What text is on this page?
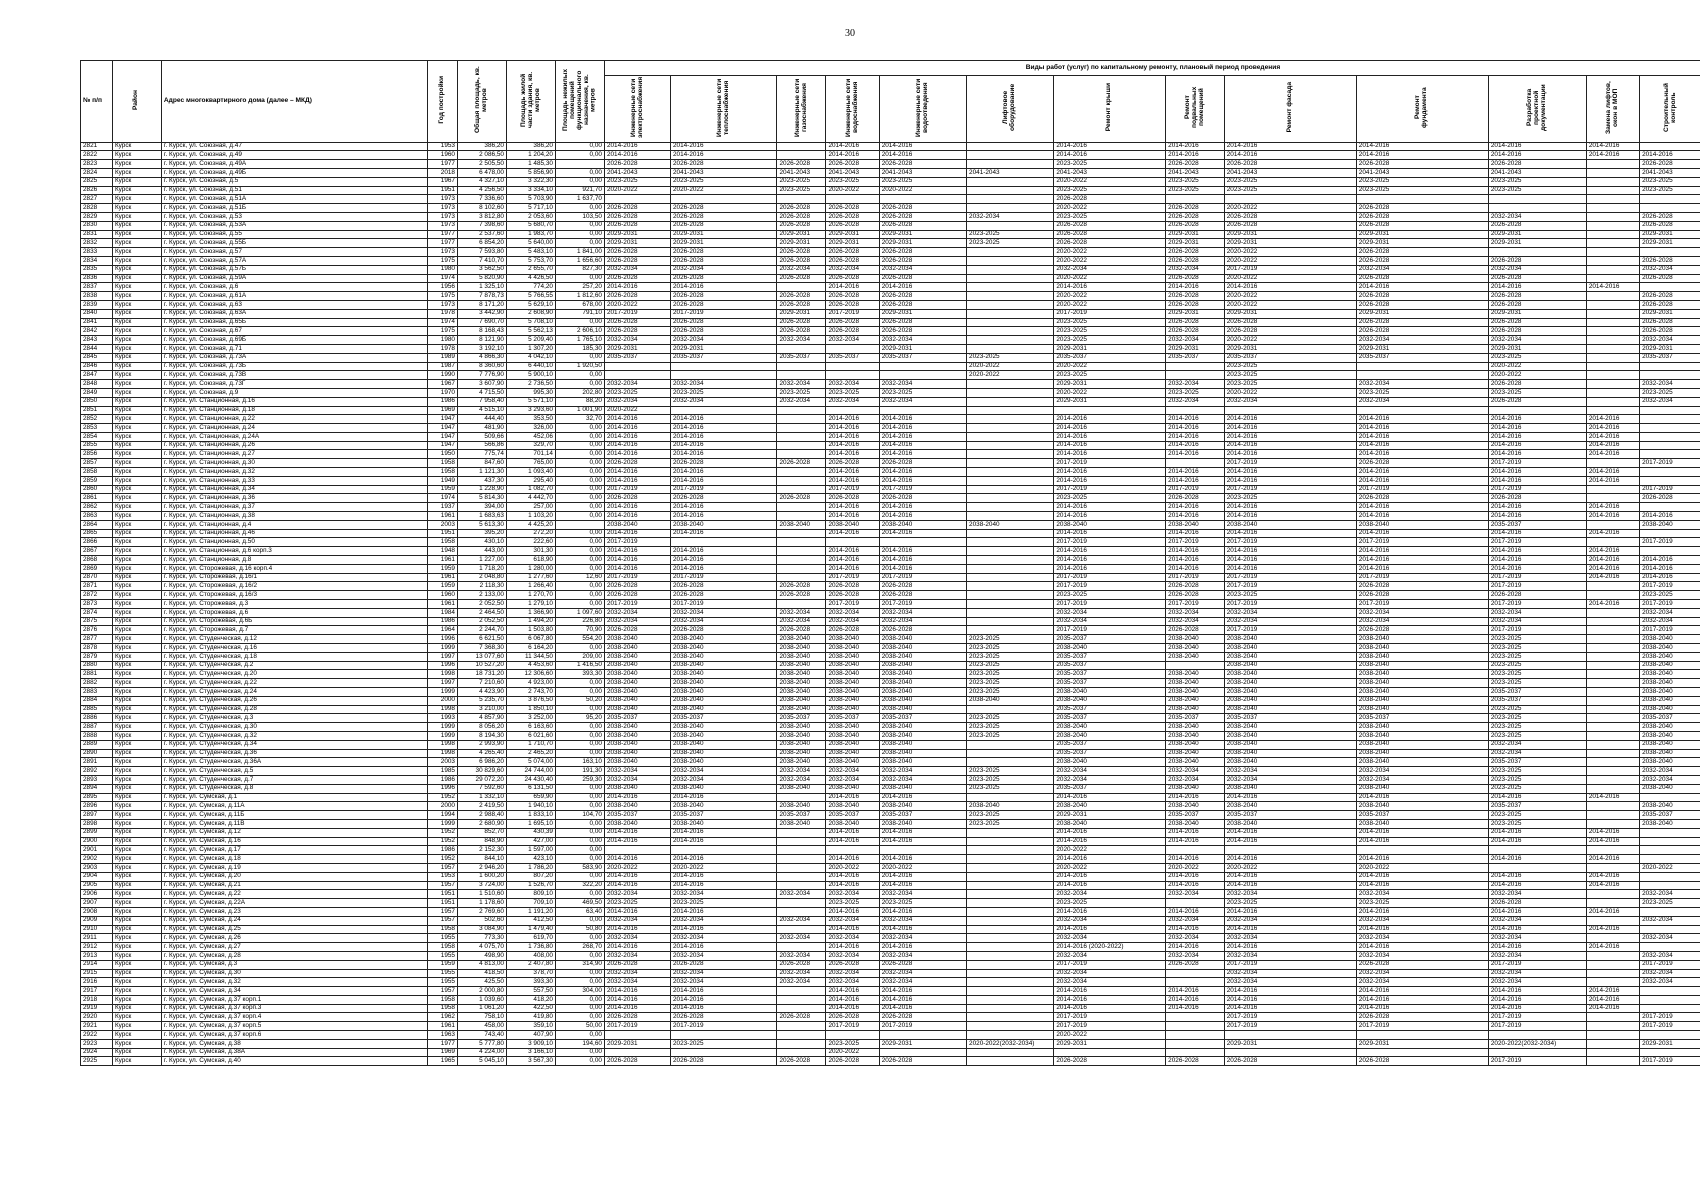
30
№ п/п	Район	Адрес многоквартирного дома (далее – МКД)	Год постройки	Общая площадь, кв. метров	Площадь жилой части здания, кв. метров	Площадь нежилых помещений функционального назначения, кв. метров	Виды работ (услуг) по капитальному ремонту, плановый период проведения												
							Инженерные сети электроснабжения	Инженерные сети теплоснабжения	Инженерные сети газоснабжения	Инженерные сети водоснабжения	Инженерные сети водоотведения	Лифтовое оборудование	Ремонт крыши	Ремонт подвальных помещений	Ремонт фасада	Ремонт фундамента	Разработка проектной документации	Замена лифтов, окон в МОП	Строительный контроль
2821	Курск	г. Курск, ул. Союзная, д.47	1953	386,20	386,20	0,00	2014-2016	2014-2016		2014-2016	2014-2016		2014-2016	2014-2016	2014-2016	2014-2016	2014-2016	2014-2016	
2822	Курск	г. Курск, ул. Союзная, д.49	1960	2 086,50	1 204,20	0,00	2014-2016	2014-2016		2014-2016	2014-2016		2014-2016	2014-2016	2014-2016	2014-2016	2014-2016	2014-2016	2014-2016
2823	Курск	г. Курск, ул. Союзная, д.49А	1977	2 505,50	1 485,30		2026-2028	2026-2028	2026-2028	2026-2028	2026-2028		2023-2025	2026-2028	2026-2028	2026-2028	2026-2028		2026-2028
2824	Курск	г. Курск, ул. Союзная, д.49Б	2018	6 478,00	5 856,90	0,00	2041-2043	2041-2043	2041-2043	2041-2043	2041-2043	2041-2043	2041-2043	2041-2043	2041-2043	2041-2043	2041-2043		2041-2043
2825	Курск	г. Курск, ул. Союзная, д.5	1967	4 327,10	3 322,30	0,00	2023-2025	2023-2025	2023-2025	2023-2025	2023-2025		2020-2022	2023-2025	2023-2025	2023-2025	2023-2025		2023-2025
2826	Курск	г. Курск, ул. Союзная, д.51	1951	4 256,50	3 334,10	921,70	2020-2022	2020-2022	2023-2025	2020-2022	2020-2022		2023-2025	2023-2025	2023-2025	2023-2025	2023-2025		2023-2025
2827	Курск	г. Курск, ул. Союзная, д.51А	1973	7 336,60	5 703,90	1 637,70							2026-2028						
2828	Курск	г. Курск, ул. Союзная, д.51Б	1973	8 102,60	5 717,10	0,00	2026-2028	2026-2028	2026-2028	2026-2028	2026-2028		2020-2022	2026-2028	2020-2022	2026-2028			
2829	Курск	г. Курск, ул. Союзная, д.53	1973	3 812,80	2 053,60	103,50	2026-2028	2026-2028	2026-2028	2026-2028	2026-2028	2032-2034	2023-2025	2026-2028	2026-2028	2026-2028	2032-2034		2026-2028
2830	Курск	г. Курск, ул. Союзная, д.53А	1973	7 398,60	5 680,70	0,00	2026-2028	2026-2028	2026-2028	2026-2028	2026-2028		2026-2028	2026-2028	2026-2028	2026-2028	2026-2028		2026-2028
2831	Курск	г. Курск, ул. Союзная, д.55	1977	2 537,60	1 983,70	0,00	2029-2031	2029-2031	2029-2031	2029-2031	2029-2031	2023-2025	2026-2028	2029-2031	2029-2031	2029-2031	2029-2031		2029-2031
2832	Курск	г. Курск, ул. Союзная, д.55Б	1977	6 854,20	5 640,00	0,00	2029-2031	2029-2031	2029-2031	2029-2031	2029-2031	2023-2025	2026-2028	2029-2031	2029-2031	2029-2031	2029-2031		2029-2031
2833	Курск	г. Курск, ул. Союзная, д.57	1973	7 593,80	5 483,10	1 841,00	2026-2028	2026-2028	2026-2028	2026-2028	2026-2028		2020-2022	2026-2028	2020-2022	2026-2028			
2834	Курск	г. Курск, ул. Союзная, д.57А	1975	7 410,70	5 753,70	1 656,60	2026-2028	2026-2028	2026-2028	2026-2028	2026-2028		2020-2022	2026-2028	2020-2022	2026-2028	2026-2028		2026-2028
2835	Курск	г. Курск, ул. Союзная, д.57Б	1980	3 562,50	2 655,70	827,30	2032-2034	2032-2034	2032-2034	2032-2034	2032-2034		2032-2034	2032-2034	2017-2019	2032-2034	2032-2034		2032-2034
2836	Курск	г. Курск, ул. Союзная, д.59А	1974	5 820,90	4 426,50	0,00	2026-2028	2026-2028	2026-2028	2026-2028	2026-2028		2020-2022	2026-2028	2020-2022	2026-2028	2026-2028		2026-2028
2837	Курск	г. Курск, ул. Союзная, д.6	1956	1 325,10	774,20	257,20	2014-2016	2014-2016		2014-2016	2014-2016		2014-2016	2014-2016	2014-2016	2014-2016	2014-2016	2014-2016	
2838	Курск	г. Курск, ул. Союзная, д.61А	1975	7 878,73	5 766,55	1 812,60	2026-2028	2026-2028	2026-2028	2026-2028	2026-2028		2020-2022	2026-2028	2020-2022	2026-2028	2026-2028		2026-2028
2839	Курск	г. Курск, ул. Союзная, д.63	1973	8 171,20	5 629,10	678,00	2020-2022	2026-2028	2026-2028	2026-2028	2026-2028		2020-2022	2026-2028	2020-2022	2026-2028	2026-2028		2026-2028
2840	Курск	г. Курск, ул. Союзная, д.63А	1978	3 442,90	2 608,90	791,10	2017-2019	2017-2019	2029-2031	2017-2019	2029-2031		2017-2019	2029-2031	2029-2031	2029-2031	2029-2031		2029-2031
2841	Курск	г. Курск, ул. Союзная, д.65Б	1974	7 690,70	5 708,10	0,00	2026-2028	2026-2028	2026-2028	2026-2028	2026-2028		2023-2025	2026-2028	2026-2028	2026-2028	2026-2028		2026-2028
2842	Курск	г. Курск, ул. Союзная, д.67	1975	8 168,43	5 562,13	2 606,10	2026-2028	2026-2028	2026-2028	2026-2028	2026-2028		2023-2025	2026-2028	2026-2028	2026-2028	2026-2028		2026-2028
2843	Курск	г. Курск, ул. Союзная, д.69Б	1980	8 121,90	5 209,40	1 765,10	2032-2034	2032-2034	2032-2034	2032-2034	2032-2034		2023-2025	2032-2034	2020-2022	2032-2034	2032-2034		2032-2034
2844	Курск	г. Курск, ул. Союзная, д.71	1978	3 192,10	1 307,20	185,30	2029-2031	2029-2031			2029-2031		2029-2031	2029-2031	2029-2031	2029-2031	2029-2031		2029-2031
2845	Курск	г. Курск, ул. Союзная, д.73А	1989	4 866,30	4 042,10	0,00	2035-2037	2035-2037	2035-2037	2035-2037	2035-2037	2023-2025	2035-2037	2035-2037	2035-2037	2035-2037	2023-2025		2035-2037
2846	Курск	г. Курск, ул. Союзная, д.73Б	1987	8 360,60	6 440,10	1 920,50						2020-2022	2020-2022		2023-2025		2020-2022		
2847	Курск	г. Курск, ул. Союзная, д.73В	1990	7 776,90	5 900,10	0,00						2020-2022	2023-2025		2023-2025		2020-2022		
2848	Курск	г. Курск, ул. Союзная, д.73Г	1967	3 607,90	2 736,50	0,00	2032-2034	2032-2034	2032-2034	2032-2034	2032-2034		2029-2031	2032-2034	2023-2025	2032-2034	2026-2028		2032-2034
2849	Курск	г. Курск, ул. Союзная, д.9	1970	4 715,50	995,30	202,80	2023-2025	2023-2025	2023-2025	2023-2025	2023-2025		2020-2022	2023-2025	2020-2022	2023-2025	2023-2025		2023-2025
2850	Курск	г. Курск, ул. Станционная, д.16	1986	7 958,40	5 571,10	88,20	2032-2034	2032-2034	2032-2034	2032-2034	2032-2034		2029-2031	2032-2034	2032-2034	2032-2034	2026-2028		2032-2034
2851	Курск	г. Курск, ул. Станционная, д.18	1969	4 515,10	3 293,60	1 001,90	2020-2022												
2852	Курск	г. Курск, ул. Станционная, д.22	1947	444,40	353,50	32,70	2014-2016	2014-2016		2014-2016	2014-2016		2014-2016	2014-2016	2014-2016	2014-2016	2014-2016	2014-2016	
2853	Курск	г. Курск, ул. Станционная, д.24	1947	481,90	326,00	0,00	2014-2016	2014-2016		2014-2016	2014-2016		2014-2016	2014-2016	2014-2016	2014-2016	2014-2016	2014-2016	
2854	Курск	г. Курск, ул. Станционная, д.24А	1947	509,66	452,06	0,00	2014-2016	2014-2016		2014-2016	2014-2016		2014-2016	2014-2016	2014-2016	2014-2016	2014-2016	2014-2016	
2855	Курск	г. Курск, ул. Станционная, д.26	1947	566,86	329,70	0,00	2014-2016	2014-2016		2014-2016	2014-2016		2014-2016	2014-2016	2014-2016	2014-2016	2014-2016	2014-2016	
2856	Курск	г. Курск, ул. Станционная, д.27	1950	775,74	701,14	0,00	2014-2016	2014-2016		2014-2016	2014-2016		2014-2016	2014-2016	2014-2016	2014-2016	2014-2016	2014-2016	
2857	Курск	г. Курск, ул. Станционная, д.30	1958	847,60	765,00	0,00	2026-2028	2026-2028	2026-2028	2026-2028	2026-2028		2017-2019		2017-2019	2026-2028	2017-2019		2017-2019
2858	Курск	г. Курск, ул. Станционная, д.32	1958	1 121,30	1 093,40	0,00	2014-2016	2014-2016		2014-2016	2014-2016		2014-2016	2014-2016	2014-2016	2014-2016	2014-2016	2014-2016	
2859	Курск	г. Курск, ул. Станционная, д.33	1949	437,30	295,40	0,00	2014-2016	2014-2016		2014-2016	2014-2016		2014-2016	2014-2016	2014-2016	2014-2016	2014-2016	2014-2016	
2860	Курск	г. Курск, ул. Станционная, д.34	1959	1 228,90	1 082,70	0,00	2017-2019	2017-2019		2017-2019	2017-2019		2017-2019	2017-2019	2017-2019	2017-2019	2017-2019		2017-2019
2861	Курск	г. Курск, ул. Станционная, д.36	1974	5 814,30	4 442,70	0,00	2026-2028	2026-2028	2026-2028	2026-2028	2026-2028		2023-2025	2026-2028	2023-2025	2026-2028	2026-2028		2026-2028
2862	Курск	г. Курск, ул. Станционная, д.37	1937	394,00	257,00	0,00	2014-2016	2014-2016		2014-2016	2014-2016		2014-2016	2014-2016	2014-2016	2014-2016	2014-2016	2014-2016	
2863	Курск	г. Курск, ул. Станционная, д.38	1961	1 683,63	1 103,20	0,00	2014-2016	2014-2016		2014-2016	2014-2016		2014-2016	2014-2016	2014-2016	2014-2016	2014-2016	2014-2016	2014-2016
2864	Курск	г. Курск, ул. Станционная, д.4	2003	5 613,30	4 425,20		2038-2040	2038-2040	2038-2040	2038-2040	2038-2040	2038-2040	2038-2040	2038-2040	2038-2040	2038-2040	2035-2037		2038-2040
2865	Курск	г. Курск, ул. Станционная, д.46	1951	395,20	272,20	0,00	2014-2016	2014-2016		2014-2016	2014-2016		2014-2016	2014-2016	2014-2016	2014-2016	2014-2016	2014-2016	
2866	Курск	г. Курск, ул. Станционная, д.50	1958	430,10	222,60	0,00	2017-2019						2017-2019	2017-2019	2017-2019	2017-2019	2017-2019		2017-2019
2867	Курск	г. Курск, ул. Станционная, д.6 корп.3	1948	443,00	301,30	0,00	2014-2016	2014-2016		2014-2016	2014-2016		2014-2016	2014-2016	2014-2016	2014-2016	2014-2016	2014-2016	
2868	Курск	г. Курск, ул. Станционная, д.8	1961	1 227,00	618,90	0,00	2014-2016	2014-2016		2014-2016	2014-2016		2014-2016	2014-2016	2014-2016	2014-2016	2014-2016	2014-2016	2014-2016
2869	Курск	г. Курск, ул. Сторожевая, д.16 корп.4	1959	1 718,20	1 280,00	0,00	2014-2016	2014-2016		2014-2016	2014-2016		2014-2016	2014-2016	2014-2016	2014-2016	2014-2016	2014-2016	2014-2016
2870	Курск	г. Курск, ул. Сторожевая, д.16/1	1961	2 048,80	1 277,60	12,60	2017-2019	2017-2019		2017-2019	2017-2019		2017-2019	2017-2019	2017-2019	2017-2019	2017-2019	2014-2016	2014-2016
2871	Курск	г. Курск, ул. Сторожевая, д.16/2	1959	2 118,30	1 266,40	0,00	2026-2028	2026-2028	2026-2028	2026-2028	2026-2028		2017-2019	2026-2028	2017-2019	2026-2028	2017-2019		2017-2019
2872	Курск	г. Курск, ул. Сторожевая, д.16/3	1960	2 133,00	1 270,70	0,00	2026-2028	2026-2028	2026-2028	2026-2028	2026-2028		2023-2025	2026-2028	2023-2025	2026-2028	2026-2028		2023-2025
2873	Курск	г. Курск, ул. Сторожевая, д.3	1961	2 052,50	1 279,10	0,00	2017-2019	2017-2019		2017-2019	2017-2019		2017-2019	2017-2019	2017-2019	2017-2019	2017-2019	2014-2016	2017-2019
2874	Курск	г. Курск, ул. Сторожевая, д.6	1984	2 464,50	1 366,90	1 097,60	2032-2034	2032-2034	2032-2034	2032-2034	2032-2034		2032-2034	2032-2034	2032-2034	2032-2034	2032-2034		2032-2034
2875	Курск	г. Курск, ул. Сторожевая, д.6Б	1986	2 052,50	1 494,20	226,80	2032-2034	2032-2034	2032-2034	2032-2034	2032-2034		2032-2034	2032-2034	2032-2034	2032-2034	2032-2034		2032-2034
2876	Курск	г. Курск, ул. Сторожевая, д.7	1964	2 244,70	1 503,80	70,90	2026-2028	2026-2028	2026-2028	2026-2028	2026-2028		2017-2019	2026-2028	2017-2019	2026-2028	2017-2019		2017-2019
2877	Курск	г. Курск, ул. Студенческая, д.12	1996	6 621,50	6 067,80	554,20	2038-2040	2038-2040	2038-2040	2038-2040	2038-2040	2023-2025	2035-2037	2038-2040	2038-2040	2038-2040	2023-2025		2038-2040
2878	Курск	г. Курск, ул. Студенческая, д.16	1999	7 368,30	6 164,20	0,00	2038-2040	2038-2040	2038-2040	2038-2040	2038-2040	2023-2025	2038-2040	2038-2040	2038-2040	2038-2040	2023-2025		2038-2040
2879	Курск	г. Курск, ул. Студенческая, д.18	1997	13 077,60	11 344,50	209,00	2038-2040	2038-2040	2038-2040	2038-2040	2038-2040	2023-2025	2035-2037	2038-2040	2038-2040	2038-2040	2023-2025		2038-2040
2880	Курск	г. Курск, ул. Студенческая, д.2	1996	10 527,20	4 453,60	1 416,50	2038-2040	2038-2040	2038-2040	2038-2040	2038-2040	2023-2025	2035-2037		2038-2040	2038-2040	2023-2025		2038-2040
2881	Курск	г. Курск, ул. Студенческая, д.20	1998	18 731,20	12 306,60	393,30	2038-2040	2038-2040	2038-2040	2038-2040	2038-2040	2023-2025	2035-2037	2038-2040	2038-2040	2038-2040	2023-2025		2038-2040
2882	Курск	г. Курск, ул. Студенческая, д.22	1997	7 210,60	4 923,00	0,00	2038-2040	2038-2040	2038-2040	2038-2040	2038-2040	2023-2025	2035-2037	2038-2040	2038-2040	2038-2040	2023-2025		2038-2040
2883	Курск	г. Курск, ул. Студенческая, д.24	1999	4 423,90	2 743,70	0,00	2038-2040	2038-2040	2038-2040	2038-2040	2038-2040	2023-2025	2038-2040	2038-2040	2038-2040	2038-2040	2035-2037		2038-2040
2884	Курск	г. Курск, ул. Студенческая, д.26	2000	5 235,70	3 876,50	50,20	2038-2040	2038-2040	2038-2040	2038-2040	2038-2040	2038-2040	2038-2040	2038-2040	2038-2040	2038-2040	2035-2037		2038-2040
2885	Курск	г. Курск, ул. Студенческая, д.28	1998	3 210,00	1 850,10	0,00	2038-2040	2038-2040	2038-2040	2038-2040	2038-2040		2035-2037	2038-2040	2038-2040	2038-2040	2023-2025		2038-2040
2886	Курск	г. Курск, ул. Студенческая, д.3	1993	4 857,90	3 252,00	95,20	2035-2037	2035-2037	2035-2037	2035-2037	2035-2037	2023-2025	2035-2037	2035-2037	2035-2037	2035-2037	2023-2025		2035-2037
2887	Курск	г. Курск, ул. Студенческая, д.30	1999	8 056,20	6 163,60	0,00	2038-2040	2038-2040	2038-2040	2038-2040	2038-2040	2023-2025	2038-2040	2038-2040	2038-2040	2038-2040	2023-2025		2038-2040
2888	Курск	г. Курск, ул. Студенческая, д.32	1999	8 194,30	6 021,60	0,00	2038-2040	2038-2040	2038-2040	2038-2040	2038-2040	2023-2025	2038-2040	2038-2040	2038-2040	2038-2040	2023-2025		2038-2040
2889	Курск	г. Курск, ул. Студенческая, д.34	1998	2 993,90	1 710,70	0,00	2038-2040	2038-2040	2038-2040	2038-2040	2038-2040		2035-2037	2038-2040	2038-2040	2038-2040	2032-2034		2038-2040
2890	Курск	г. Курск, ул. Студенческая, д.36	1998	4 265,40	2 465,20	0,00	2038-2040	2038-2040	2038-2040	2038-2040	2038-2040		2035-2037	2038-2040	2038-2040	2038-2040	2032-2034		2038-2040
2891	Курск	г. Курск, ул. Студенческая, д.36А	2003	6 986,20	5 074,00	163,10	2038-2040	2038-2040	2038-2040	2038-2040	2038-2040		2038-2040	2038-2040	2038-2040	2038-2040	2035-2037		2038-2040
2892	Курск	г. Курск, ул. Студенческая, д.5	1985	30 829,60	24 744,00	191,30	2032-2034	2032-2034	2032-2034	2032-2034	2032-2034	2023-2025	2032-2034	2032-2034	2032-2034	2032-2034	2023-2025		2032-2034
2893	Курск	г. Курск, ул. Студенческая, д.7	1986	29 072,20	24 430,40	259,30	2032-2034	2032-2034	2032-2034	2032-2034	2032-2034	2023-2025	2032-2034	2032-2034	2032-2034	2032-2034	2023-2025		2032-2034
2894	Курск	г. Курск, ул. Студенческая, д.8	1996	7 592,60	6 131,50	0,00	2038-2040	2038-2040	2038-2040	2038-2040	2038-2040	2023-2025	2035-2037	2038-2040	2038-2040	2038-2040	2023-2025		2038-2040
2895	Курск	г. Курск, ул. Сумская, д.1	1952	1 332,10	659,90	0,00	2014-2016	2014-2016		2014-2016	2014-2016		2014-2016	2014-2016	2014-2016	2014-2016	2014-2016	2014-2016	
2896	Курск	г. Курск, ул. Сумская, д.11А	2000	2 419,50	1 940,10	0,00	2038-2040	2038-2040	2038-2040	2038-2040	2038-2040	2038-2040	2038-2040	2038-2040	2038-2040	2038-2040	2035-2037		2038-2040
2897	Курск	г. Курск, ул. Сумская, д.11Б	1994	2 988,40	1 833,10	104,70	2035-2037	2035-2037	2035-2037	2035-2037	2035-2037	2023-2025	2029-2031	2035-2037	2035-2037	2035-2037	2023-2025		2035-2037
2898	Курск	г. Курск, ул. Сумская, д.11В	1999	2 680,90	1 695,10	0,00	2038-2040	2038-2040	2038-2040	2038-2040	2038-2040	2023-2025	2038-2040	2038-2040	2038-2040	2038-2040	2023-2025		2038-2040
2899	Курск	г. Курск, ул. Сумская, д.12	1952	852,70	430,39	0,00	2014-2016	2014-2016		2014-2016	2014-2016		2014-2016	2014-2016	2014-2016	2014-2016	2014-2016	2014-2016	
2900	Курск	г. Курск, ул. Сумская, д.16	1952	848,90	427,00	0,00	2014-2016	2014-2016		2014-2016	2014-2016		2014-2016	2014-2016	2014-2016	2014-2016	2014-2016	2014-2016	
2901	Курск	г. Курск, ул. Сумская, д.17	1986	2 152,30	1 597,00	0,00							2020-2022						
2902	Курск	г. Курск, ул. Сумская, д.18	1952	844,10	423,10	0,00	2014-2016	2014-2016		2014-2016	2014-2016		2014-2016	2014-2016	2014-2016	2014-2016	2014-2016	2014-2016	
2903	Курск	г. Курск, ул. Сумская, д.19	1957	2 946,20	1 786,20	583,90	2020-2022	2020-2022		2020-2022	2020-2022		2020-2022	2020-2022	2020-2022	2020-2022			2020-2022
2904	Курск	г. Курск, ул. Сумская, д.20	1953	1 600,20	807,20	0,00	2014-2016	2014-2016		2014-2016	2014-2016		2014-2016	2014-2016	2014-2016	2014-2016	2014-2016	2014-2016	
2905	Курск	г. Курск, ул. Сумская, д.21	1957	3 724,00	1 526,70	322,20	2014-2016	2014-2016		2014-2016	2014-2016		2014-2016	2014-2016	2014-2016	2014-2016	2014-2016	2014-2016	
2906	Курск	г. Курск, ул. Сумская, д.22	1951	1 510,60	809,10	0,00	2032-2034	2032-2034	2032-2034	2032-2034	2032-2034		2032-2034	2032-2034	2032-2034	2032-2034	2032-2034		2032-2034
2907	Курск	г. Курск, ул. Сумская, д.22А	1951	1 178,60	709,10	469,50	2023-2025	2023-2025		2023-2025	2023-2025		2023-2025		2023-2025	2023-2025	2026-2028		2023-2025
2908	Курск	г. Курск, ул. Сумская, д.23	1957	2 769,60	1 191,20	63,40	2014-2016	2014-2016		2014-2016	2014-2016		2014-2016	2014-2016	2014-2016	2014-2016	2014-2016	2014-2016	
2909	Курск	г. Курск, ул. Сумская, д.24	1957	502,60	412,50	0,00	2032-2034	2032-2034	2032-2034	2032-2034	2032-2034		2032-2034	2032-2034	2032-2034	2032-2034	2032-2034		2032-2034
2910	Курск	г. Курск, ул. Сумская, д.25	1958	3 084,90	1 479,40	50,80	2014-2016	2014-2016		2014-2016	2014-2016		2014-2016	2014-2016	2014-2016	2014-2016	2014-2016	2014-2016	
2911	Курск	г. Курск, ул. Сумская, д.26	1955	773,30	619,70	0,00	2032-2034	2032-2034	2032-2034	2032-2034	2032-2034		2032-2034	2032-2034	2032-2034	2032-2034	2032-2034		2032-2034
2912	Курск	г. Курск, ул. Сумская, д.27	1958	4 075,70	1 736,80	268,70	2014-2016	2014-2016		2014-2016	2014-2016		2014-2016 (2020-2022)	2014-2016	2014-2016	2014-2016	2014-2016	2014-2016	
2913	Курск	г. Курск, ул. Сумская, д.28	1955	498,90	408,00	0,00	2032-2034	2032-2034	2032-2034	2032-2034	2032-2034		2032-2034	2032-2034	2032-2034	2032-2034	2032-2034		2032-2034
2914	Курск	г. Курск, ул. Сумская, д.3	1959	4 813,00	2 407,80	314,90	2026-2028	2026-2028	2026-2028	2026-2028	2026-2028		2017-2019	2026-2028	2017-2019	2026-2028	2017-2019		2017-2019
2915	Курск	г. Курск, ул. Сумская, д.30	1955	418,50	378,70	0,00	2032-2034	2032-2034	2032-2034	2032-2034	2032-2034		2032-2034		2032-2034	2032-2034	2032-2034		2032-2034
2916	Курск	г. Курск, ул. Сумская, д.32	1955	425,50	393,30	0,00	2032-2034	2032-2034	2032-2034	2032-2034	2032-2034		2032-2034		2032-2034	2032-2034	2032-2034		2032-2034
2917	Курск	г. Курск, ул. Сумская, д.34	1957	2 000,80	557,50	304,00	2014-2016	2014-2016		2014-2016	2014-2016		2014-2016	2014-2016	2014-2016	2014-2016	2014-2016	2014-2016	
2918	Курск	г. Курск, ул. Сумская, д.37 корп.1	1958	1 039,60	418,20	0,00	2014-2016	2014-2016		2014-2016	2014-2016		2014-2016	2014-2016	2014-2016	2014-2016	2014-2016	2014-2016	
2919	Курск	г. Курск, ул. Сумская, д.37 корп.3	1958	1 061,20	422,50	0,00	2014-2016	2014-2016		2014-2016	2014-2016		2014-2016	2014-2016	2014-2016	2014-2016	2014-2016	2014-2016	
2920	Курск	г. Курск, ул. Сумская, д.37 корп.4	1962	758,10	419,80	0,00	2026-2028	2026-2028	2026-2028	2026-2028	2026-2028		2017-2019		2017-2019	2026-2028	2017-2019		2017-2019
2921	Курск	г. Курск, ул. Сумская, д.37 корп.5	1961	458,00	359,10	50,00	2017-2019	2017-2019		2017-2019	2017-2019		2017-2019		2017-2019	2017-2019	2017-2019		2017-2019
2922	Курск	г. Курск, ул. Сумская, д.37 корп.6	1963	743,40	407,90	0,00							2020-2022						
2923	Курск	г. Курск, ул. Сумская, д.38	1977	5 777,80	3 909,10	194,60	2029-2031	2023-2025		2023-2025	2029-2031	2020-2022(2032-2034)	2029-2031		2029-2031	2029-2031	2020-2022(2032-2034)		2029-2031
2924	Курск	г. Курск, ул. Сумская, д.38А	1969	4 224,00	3 166,10	0,00				2020-2022									
2925	Курск	г. Курск, ул. Сумская, д.40	1965	5 045,10	3 567,30	0,00	2026-2028	2026-2028	2026-2028	2026-2028	2026-2028		2026-2028	2026-2028	2026-2028	2026-2028	2017-2019		2017-2019
